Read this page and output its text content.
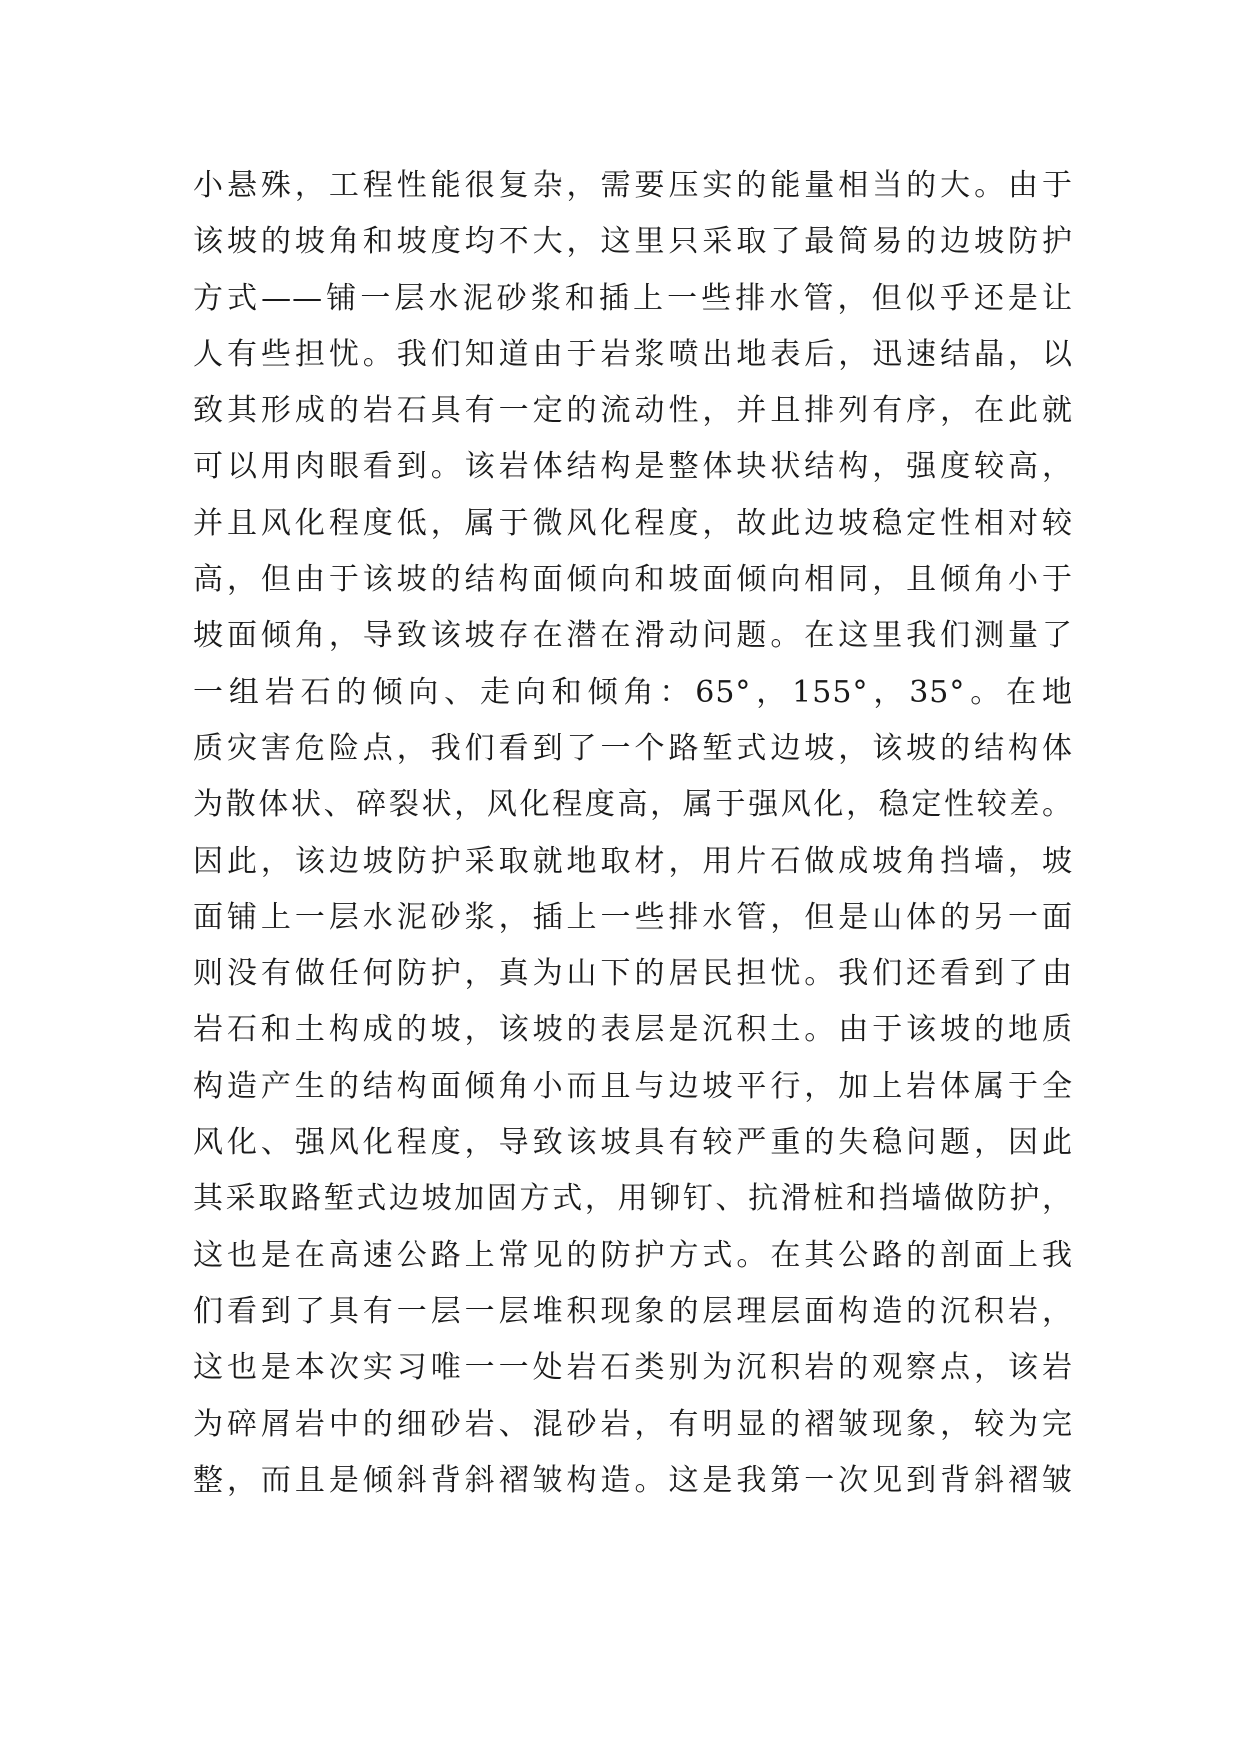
小悬殊，工程性能很复杂，需要压实的能量相当的大。由于
该坡的坡角和坡度均不大，这里只采取了最简易的边坡防护
方式——铺一层水泥砂浆和插上一些排水管，但似乎还是让
人有些担忧。我们知道由于岩浆喷出地表后，迅速结晶，以
致其形成的岩石具有一定的流动性，并且排列有序，在此就
可以用肉眼看到。该岩体结构是整体块状结构，强度较高，
并且风化程度低，属于微风化程度，故此边坡稳定性相对较
高，但由于该坡的结构面倾向和坡面倾向相同，且倾角小于
坡面倾角，导致该坡存在潜在滑动问题。在这里我们测量了
一组岩石的倾向、走向和倾角：65°，155°，35°。在地
质灾害危险点，我们看到了一个路堑式边坡，该坡的结构体
为散体状、碎裂状，风化程度高，属于强风化，稳定性较差。
因此，该边坡防护采取就地取材，用片石做成坡角挡墙，坡
面铺上一层水泥砂浆，插上一些排水管，但是山体的另一面
则没有做任何防护，真为山下的居民担忧。我们还看到了由
岩石和土构成的坡，该坡的表层是沉积土。由于该坡的地质
构造产生的结构面倾角小而且与边坡平行，加上岩体属于全
风化、强风化程度，导致该坡具有较严重的失稳问题，因此
其采取路堑式边坡加固方式，用铆钉、抗滑桩和挡墙做防护，
这也是在高速公路上常见的防护方式。在其公路的剖面上我
们看到了具有一层一层堆积现象的层理层面构造的沉积岩，
这也是本次实习唯一一处岩石类别为沉积岩的观察点，该岩
为碎屑岩中的细砂岩、混砂岩，有明显的褶皱现象，较为完
整，而且是倾斜背斜褶皱构造。这是我第一次见到背斜褶皱
